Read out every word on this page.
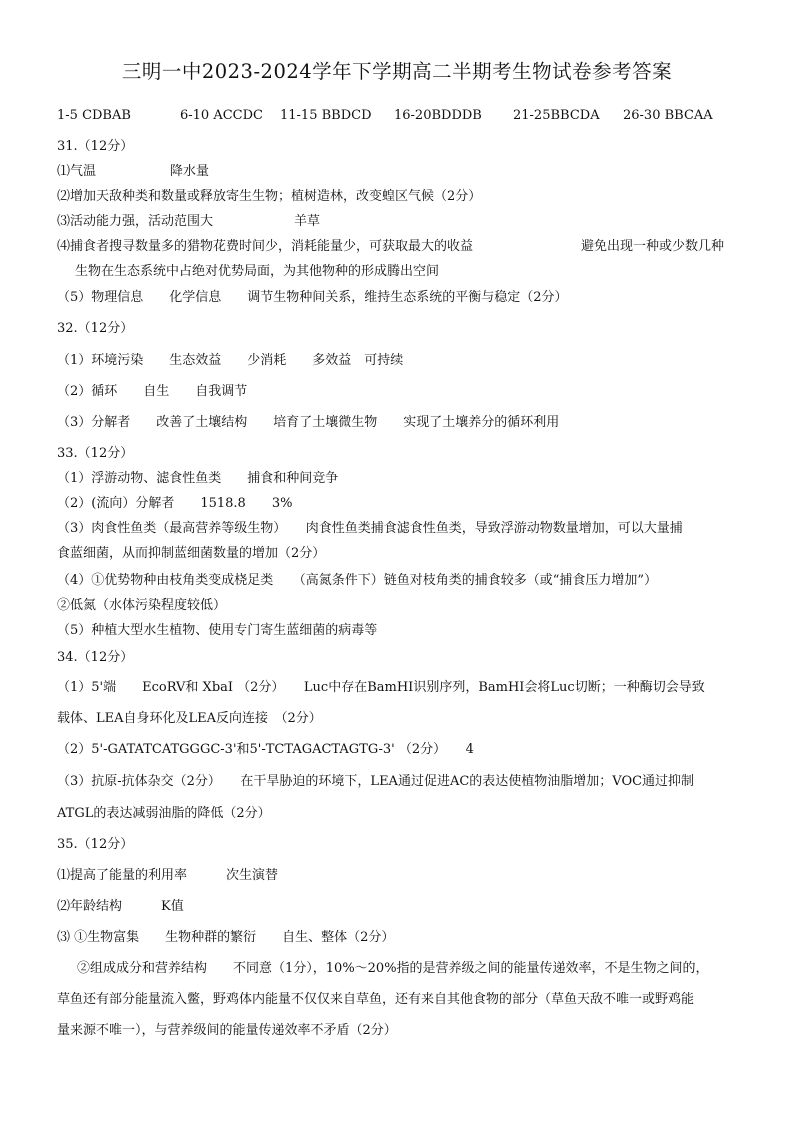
三明一中2023-2024学年下学期高二半期考生物试卷参考答案
1-5 CDBAB	6-10 ACCDC 11-15 BBDCD 16-20BDDDB 21-25BBCDA 26-30 BBCAA
31.（12分）
⑴气温	降水量
⑵增加天敌种类和数量或释放寄生生物；植树造林，改变蝗区气候（2分）
⑶活动能力强，活动范围大	羊草
⑷捕食者搜寻数量多的猎物花费时间少，消耗能量少，可获取最大的收益	避免出现一种或少数几种
生物在生态系统中占绝对优势局面，为其他物种的形成腾出空间
（5）物理信息　　化学信息　　调节生物种间关系，维持生态系统的平衡与稳定（2分）
32.（12分）
（1）环境污染　　生态效益　　少消耗　　多效益　可持续
（2）循环　　自生　　自我调节
（3）分解者　　改善了土壤结构　　培育了土壤微生物　　实现了土壤养分的循环利用
33.（12分）
（1）浮游动物、滤食性鱼类　　捕食和种间竞争
（2）(流向）分解者　　1518.8　　3%
（3）肉食性鱼类（最高营养等级生物）　　肉食性鱼类捕食滤食性鱼类，导致浮游动物数量增加，可以大量捕
食蓝细菌，从而抑制蓝细菌数量的增加（2分）
（4）①优势物种由枝角类变成桡足类　　（高氮条件下）链鱼对枝角类的捕食较多（或“捕食压力增加”）
②低氮（水体污染程度较低）
（5）种植大型水生植物、使用专门寄生蓝细菌的病毒等
34.（12分）
（1）5'端　　EcoRV和 XbaⅠ （2分）　　Luc中存在BamHI识别序列，BamHI会将Luc切断；一种酶切会导致
载体、LEA自身环化及LEA反向连接　（2分）
（2）5'-GATATCATGGGC-3'和5'-TCTAGACTAGTG-3' （2分）　　4
（3）抗原-抗体杂交（2分）　　在干旱胁迫的环境下，LEA通过促进AC的表达使植物油脂增加；VOC通过抑制
ATGL的表达减弱油脂的降低（2分）
35.（12分）
⑴提高了能量的利用率　　　次生演替
⑵年龄结构　　　K值
⑶ ①生物富集　　生物种群的繁衍　　自生、整体（2分）
②组成成分和营养结构　　不同意（1分），10%～20%指的是营养级之间的能量传递效率，不是生物之间的，
草鱼还有部分能量流入鳖，野鸡体内能量不仅仅来自草鱼，还有来自其他食物的部分（草鱼天敌不唯一或野鸡能
量来源不唯一），与营养级间的能量传递效率不矛盾（2分）
